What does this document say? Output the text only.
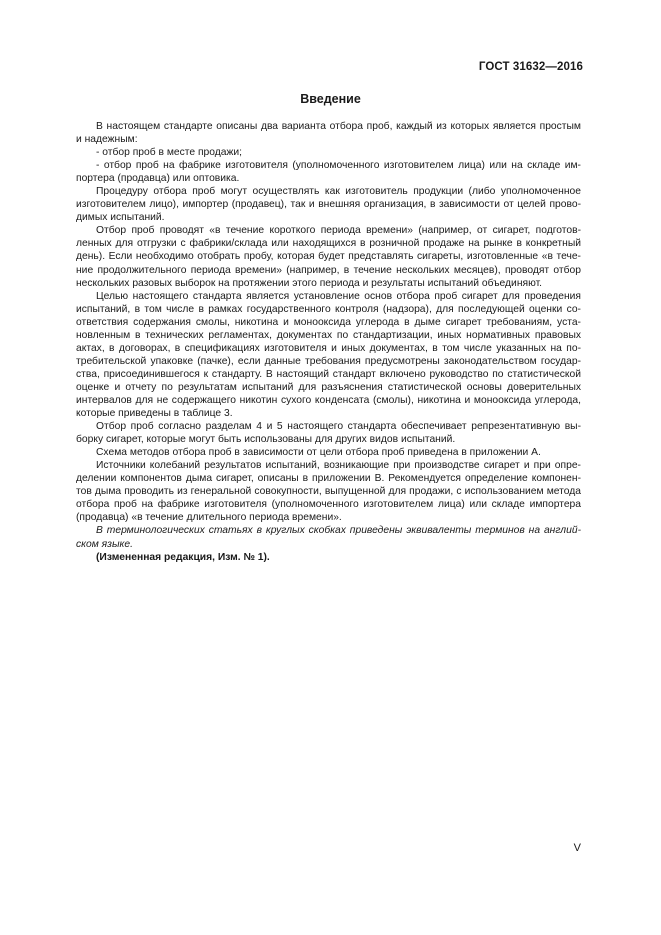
ГОСТ 31632—2016
Введение
В настоящем стандарте описаны два варианта отбора проб, каждый из которых является простым
и надежным:
- отбор проб в месте продажи;
- отбор проб на фабрике изготовителя (уполномоченного изготовителем лица) или на складе им-
портера (продавца) или оптовика.
Процедуру отбора проб могут осуществлять как изготовитель продукции (либо уполномоченное
изготовителем лицо), импортер (продавец), так и внешняя организация, в зависимости от целей прово-
димых испытаний.
Отбор проб проводят «в течение короткого периода времени» (например, от сигарет, подготов-
ленных для отгрузки с фабрики/склада или находящихся в розничной продаже на рынке в конкретный
день). Если необходимо отобрать пробу, которая будет представлять сигареты, изготовленные «в тече-
ние продолжительного периода времени» (например, в течение нескольких месяцев), проводят отбор
нескольких разовых выборок на протяжении этого периода и результаты испытаний объединяют.
Целью настоящего стандарта является установление основ отбора проб сигарет для проведения
испытаний, в том числе в рамках государственного контроля (надзора), для последующей оценки со-
ответствия содержания смолы, никотина и монооксида углерода в дыме сигарет требованиям, уста-
новленным в технических регламентах, документах по стандартизации, иных нормативных правовых
актах, в договорах, в спецификациях изготовителя и иных документах, в том числе указанных на по-
требительской упаковке (пачке), если данные требования предусмотрены законодательством государ-
ства, присоединившегося к стандарту. В настоящий стандарт включено руководство по статистической
оценке и отчету по результатам испытаний для разъяснения статистической основы доверительных
интервалов для не содержащего никотин сухого конденсата (смолы), никотина и монооксида углерода,
которые приведены в таблице 3.
Отбор проб согласно разделам 4 и 5 настоящего стандарта обеспечивает репрезентативную вы-
борку сигарет, которые могут быть использованы для других видов испытаний.
Схема методов отбора проб в зависимости от цели отбора проб приведена в приложении А.
Источники колебаний результатов испытаний, возникающие при производстве сигарет и при опре-
делении компонентов дыма сигарет, описаны в приложении В. Рекомендуется определение компонен-
тов дыма проводить из генеральной совокупности, выпущенной для продажи, с использованием метода
отбора проб на фабрике изготовителя (уполномоченного изготовителем лица) или складе импортера
(продавца) «в течение длительного периода времени».
В терминологических статьях в круглых скобках приведены эквиваленты терминов на англий-
ском языке.
(Измененная редакция, Изм. № 1).
V
